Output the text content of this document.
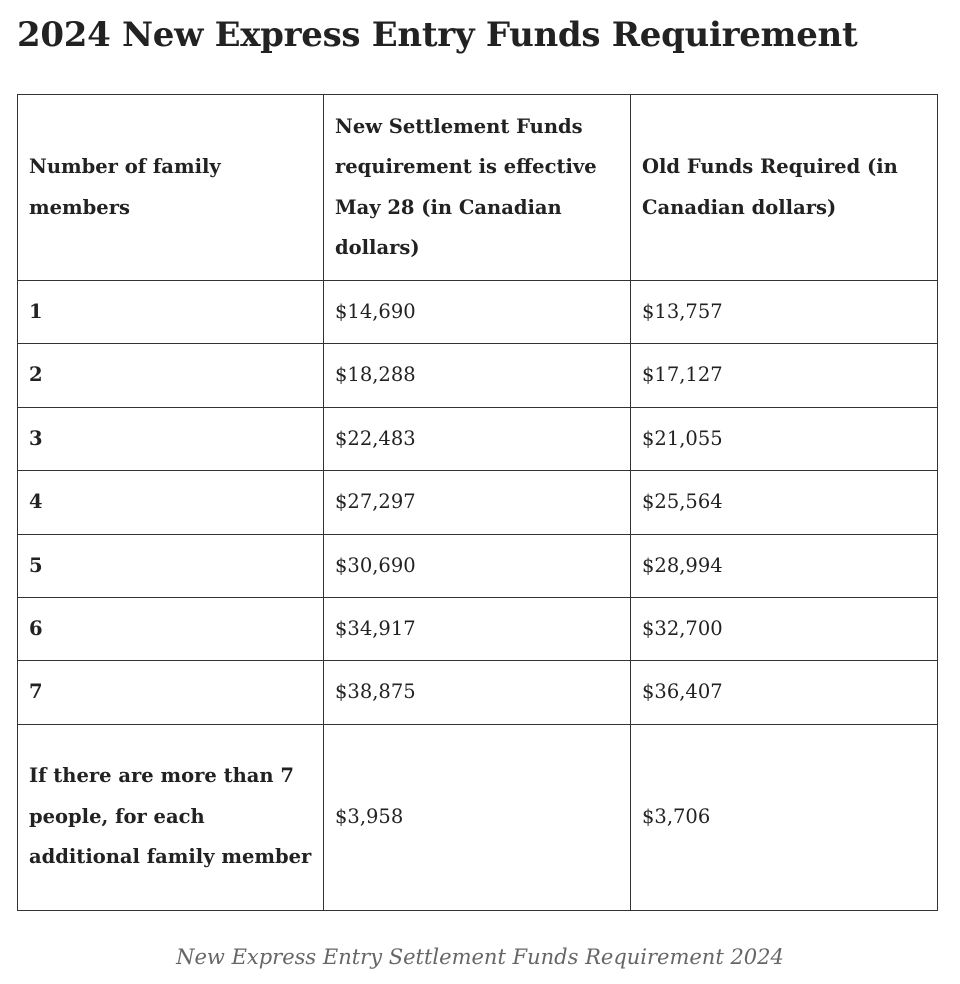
2024 New Express Entry Funds Requirement
Number of family members	New Settlement Funds requirement is effective May 28 (in Canadian dollars)	Old Funds Required (in Canadian dollars)
1	$14,690	$13,757
2	$18,288	$17,127
3	$22,483	$21,055
4	$27,297	$25,564
5	$30,690	$28,994
6	$34,917	$32,700
7	$38,875	$36,407
If there are more than 7 people, for each additional family member	$3,958	$3,706
New Express Entry Settlement Funds Requirement 2024
